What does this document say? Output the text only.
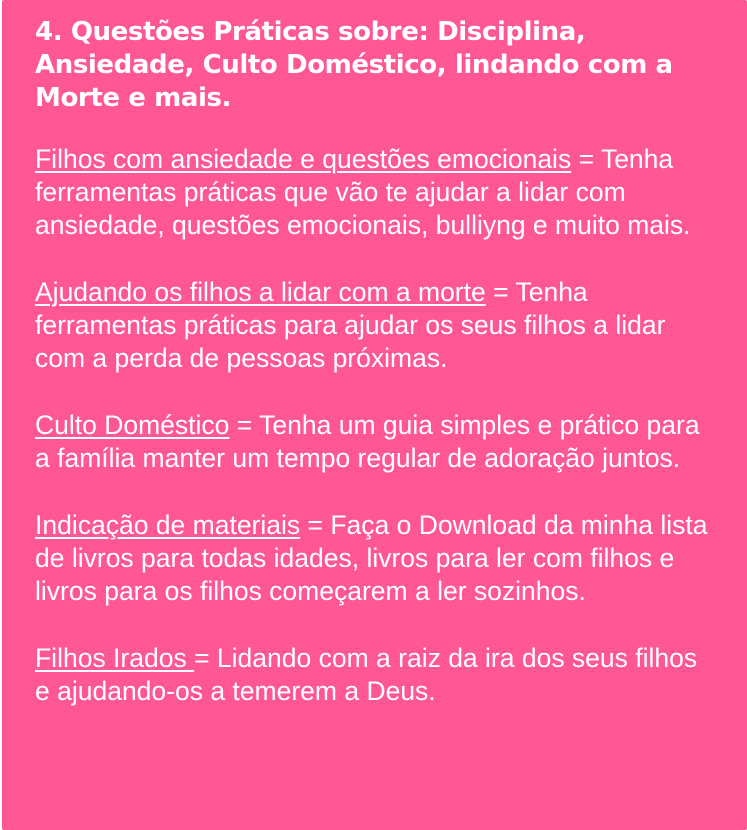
4. Questões Práticas sobre: Disciplina, Ansiedade, Culto Doméstico, lindando com a Morte e mais.

Filhos com ansiedade e questões emocionais = Tenha ferramentas práticas que vão te ajudar a lidar com ansiedade, questões emocionais, bulliyng e muito mais.

Ajudando os filhos a lidar com a morte = Tenha ferramentas práticas para ajudar os seus filhos a lidar com a perda de pessoas próximas.

Culto Doméstico = Tenha um guia simples e prático para a família manter um tempo regular de adoração juntos.

Indicação de materiais = Faça o Download da minha lista de livros para todas idades, livros para ler com filhos e livros para os filhos começarem a ler sozinhos.

Filhos Irados = Lidando com a raiz da ira dos seus filhos e ajudando-os a temerem a Deus.
